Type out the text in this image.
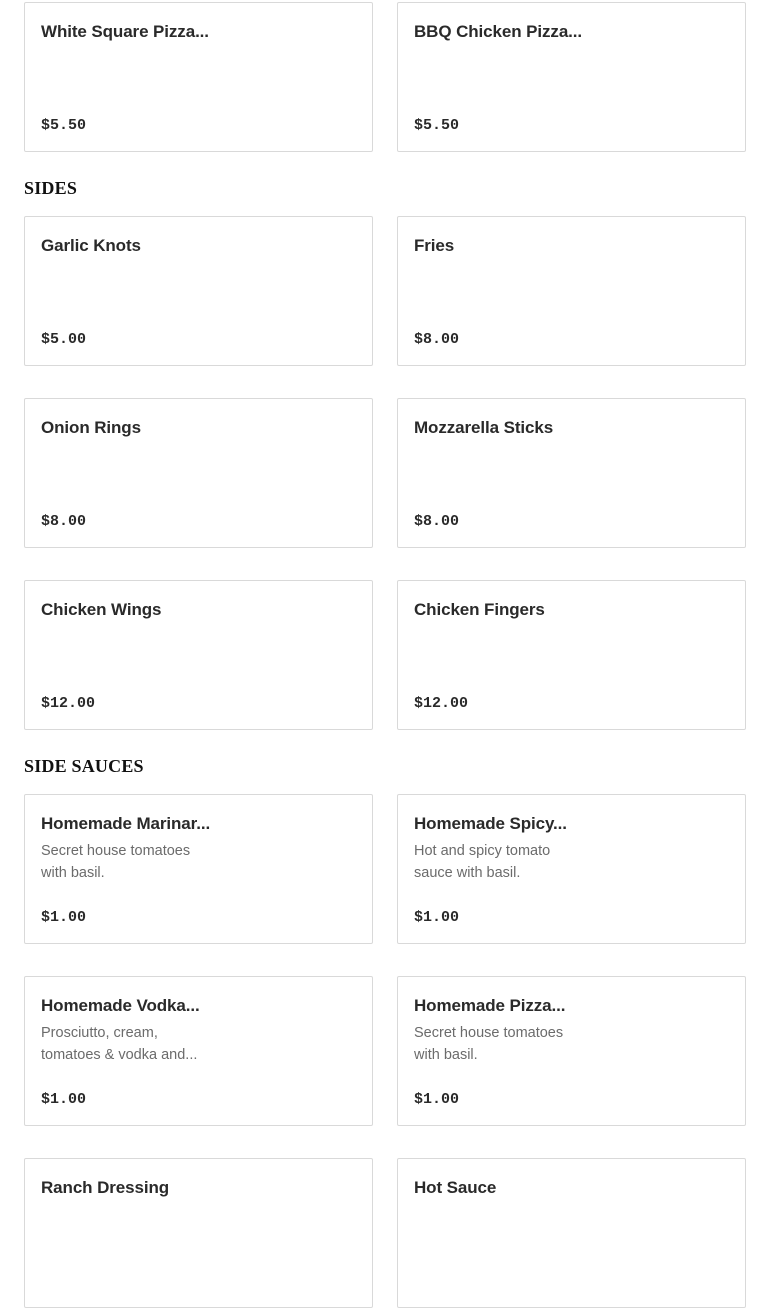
White Square Pizza...
$5.50
BBQ Chicken Pizza...
$5.50
SIDES
Garlic Knots
$5.00
Fries
$8.00
Onion Rings
$8.00
Mozzarella Sticks
$8.00
Chicken Wings
$12.00
Chicken Fingers
$12.00
SIDE SAUCES
Homemade Marinar...
Secret house tomatoes with basil.
$1.00
Homemade Spicy...
Hot and spicy tomato sauce with basil.
$1.00
Homemade Vodka...
Prosciutto, cream, tomatoes & vodka and...
$1.00
Homemade Pizza...
Secret house tomatoes with basil.
$1.00
Ranch Dressing	Hot Sauce
